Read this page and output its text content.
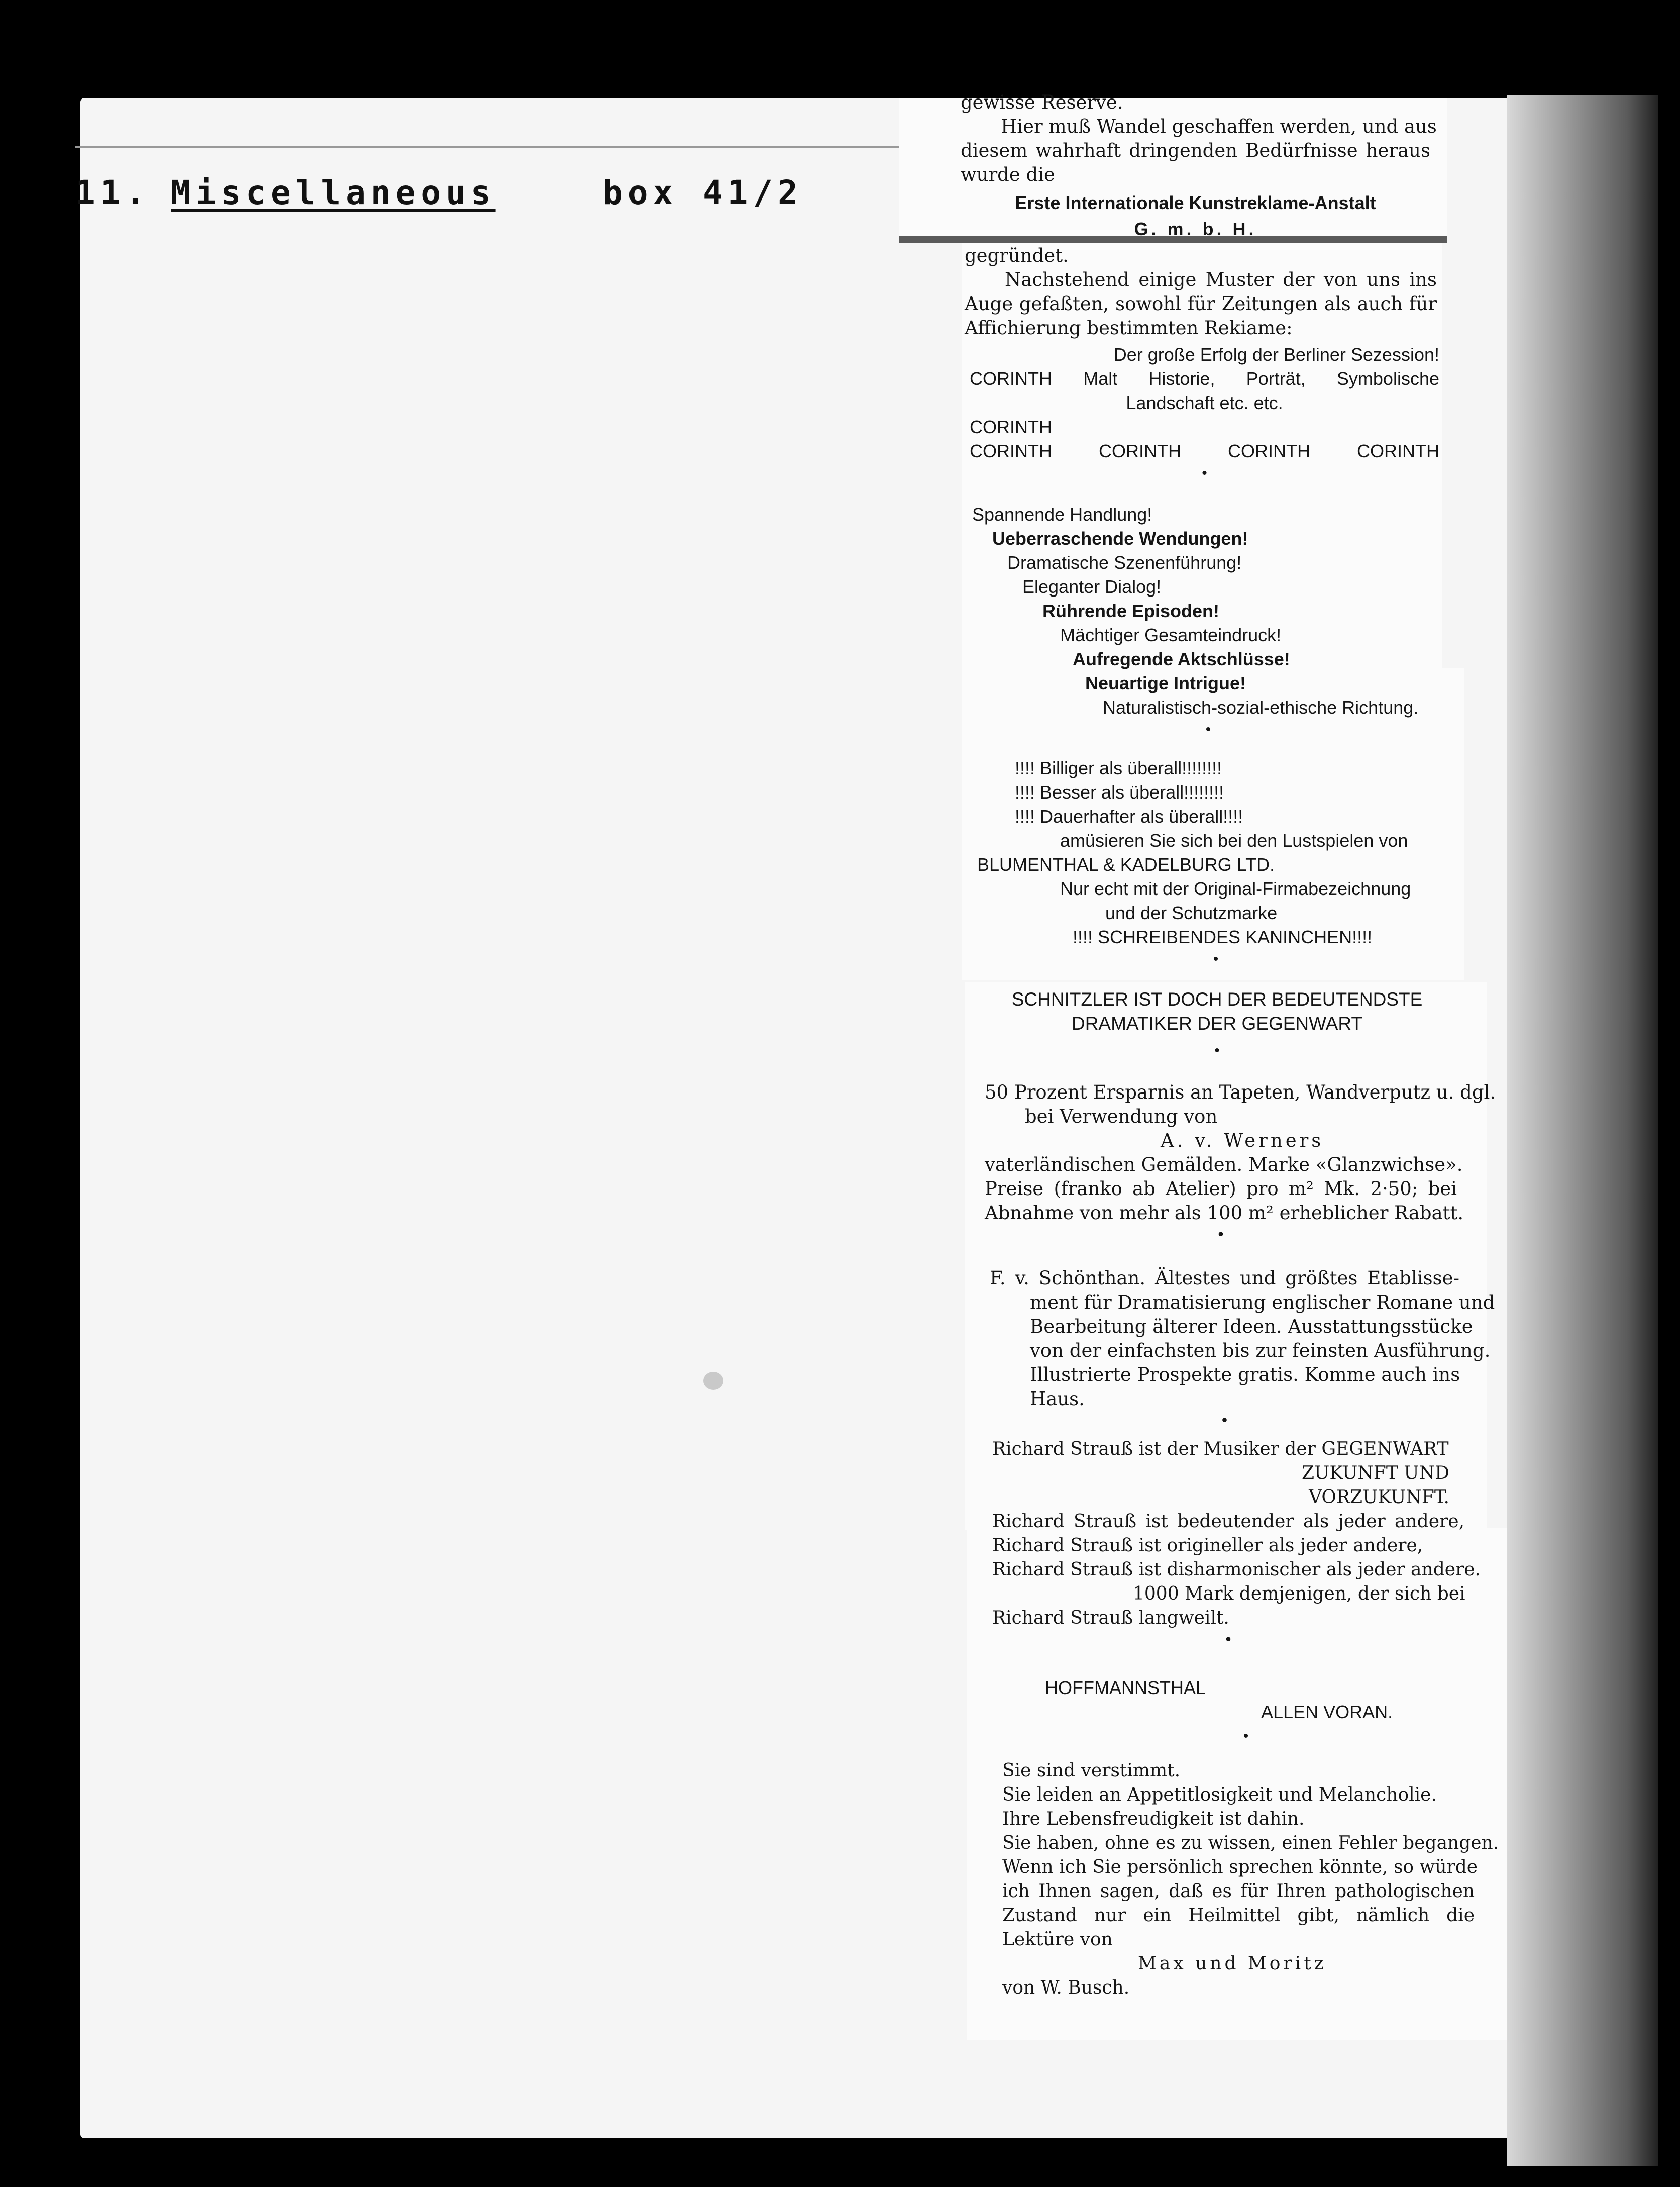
11. Miscellaneous	box 41/2

gewisse Reserve.

Hier muß Wandel geschaffen werden, und aus

diesem wahrhaft dringenden Bedürfnisse heraus

wurde die

Erste Internationale Kunstreklame-Anstalt

G. m. b. H.

gegründet.

Nachstehend einige Muster der von uns ins

Auge gefaßten, sowohl für Zeitungen als auch für

Affichierung bestimmten Rekiame:

Der große Erfolg der Berliner Sezession!

CORINTH Malt Historie, Porträt, Symbolische

Landschaft etc. etc.

CORINTH

CORINTH CORINTH CORINTH CORINTH

•

Spannende Handlung!

Ueberraschende Wendungen!

Dramatische Szenenführung!

Eleganter Dialog!

Rührende Episoden!

Mächtiger Gesamteindruck!

Aufregende Aktschlüsse!

Neuartige Intrigue!

Naturalistisch-sozial-ethische Richtung.

•

!!!! Billiger als überall!!!!!!!!

!!!! Besser als überall!!!!!!!!

!!!! Dauerhafter als überall!!!!

amüsieren Sie sich bei den Lustspielen von

BLUMENTHAL & KADELBURG LTD.

Nur echt mit der Original-Firmabezeichnung

und der Schutzmarke

!!!! SCHREIBENDES KANINCHEN!!!!

•

SCHNITZLER IST DOCH DER BEDEUTENDSTE

DRAMATIKER DER GEGENWART

•

50 Prozent Ersparnis an Tapeten, Wandverputz u. dgl.

bei Verwendung von

A. v. Werners

vaterländischen Gemälden. Marke «Glanzwichse».

Preise (franko ab Atelier) pro m² Mk. 2·50; bei

Abnahme von mehr als 100 m² erheblicher Rabatt.

•

F. v. Schönthan. Ältestes und größtes Etablisse-

ment für Dramatisierung englischer Romane und

Bearbeitung älterer Ideen. Ausstattungsstücke

von der einfachsten bis zur feinsten Ausführung.

Illustrierte Prospekte gratis. Komme auch ins

Haus.

•

Richard Strauß ist der Musiker der GEGENWART

ZUKUNFT UND

VORZUKUNFT.

Richard Strauß ist bedeutender als jeder andere,

Richard Strauß ist origineller als jeder andere,

Richard Strauß ist disharmonischer als jeder andere.

1000 Mark demjenigen, der sich bei

Richard Strauß langweilt.

•

HOFFMANNSTHAL

ALLEN VORAN.

•

Sie sind verstimmt.

Sie leiden an Appetitlosigkeit und Melancholie.

Ihre Lebensfreudigkeit ist dahin.

Sie haben, ohne es zu wissen, einen Fehler begangen.

Wenn ich Sie persönlich sprechen könnte, so würde

ich Ihnen sagen, daß es für Ihren pathologischen

Zustand nur ein Heilmittel gibt, nämlich die

Lektüre von

Max und Moritz

von W. Busch.
